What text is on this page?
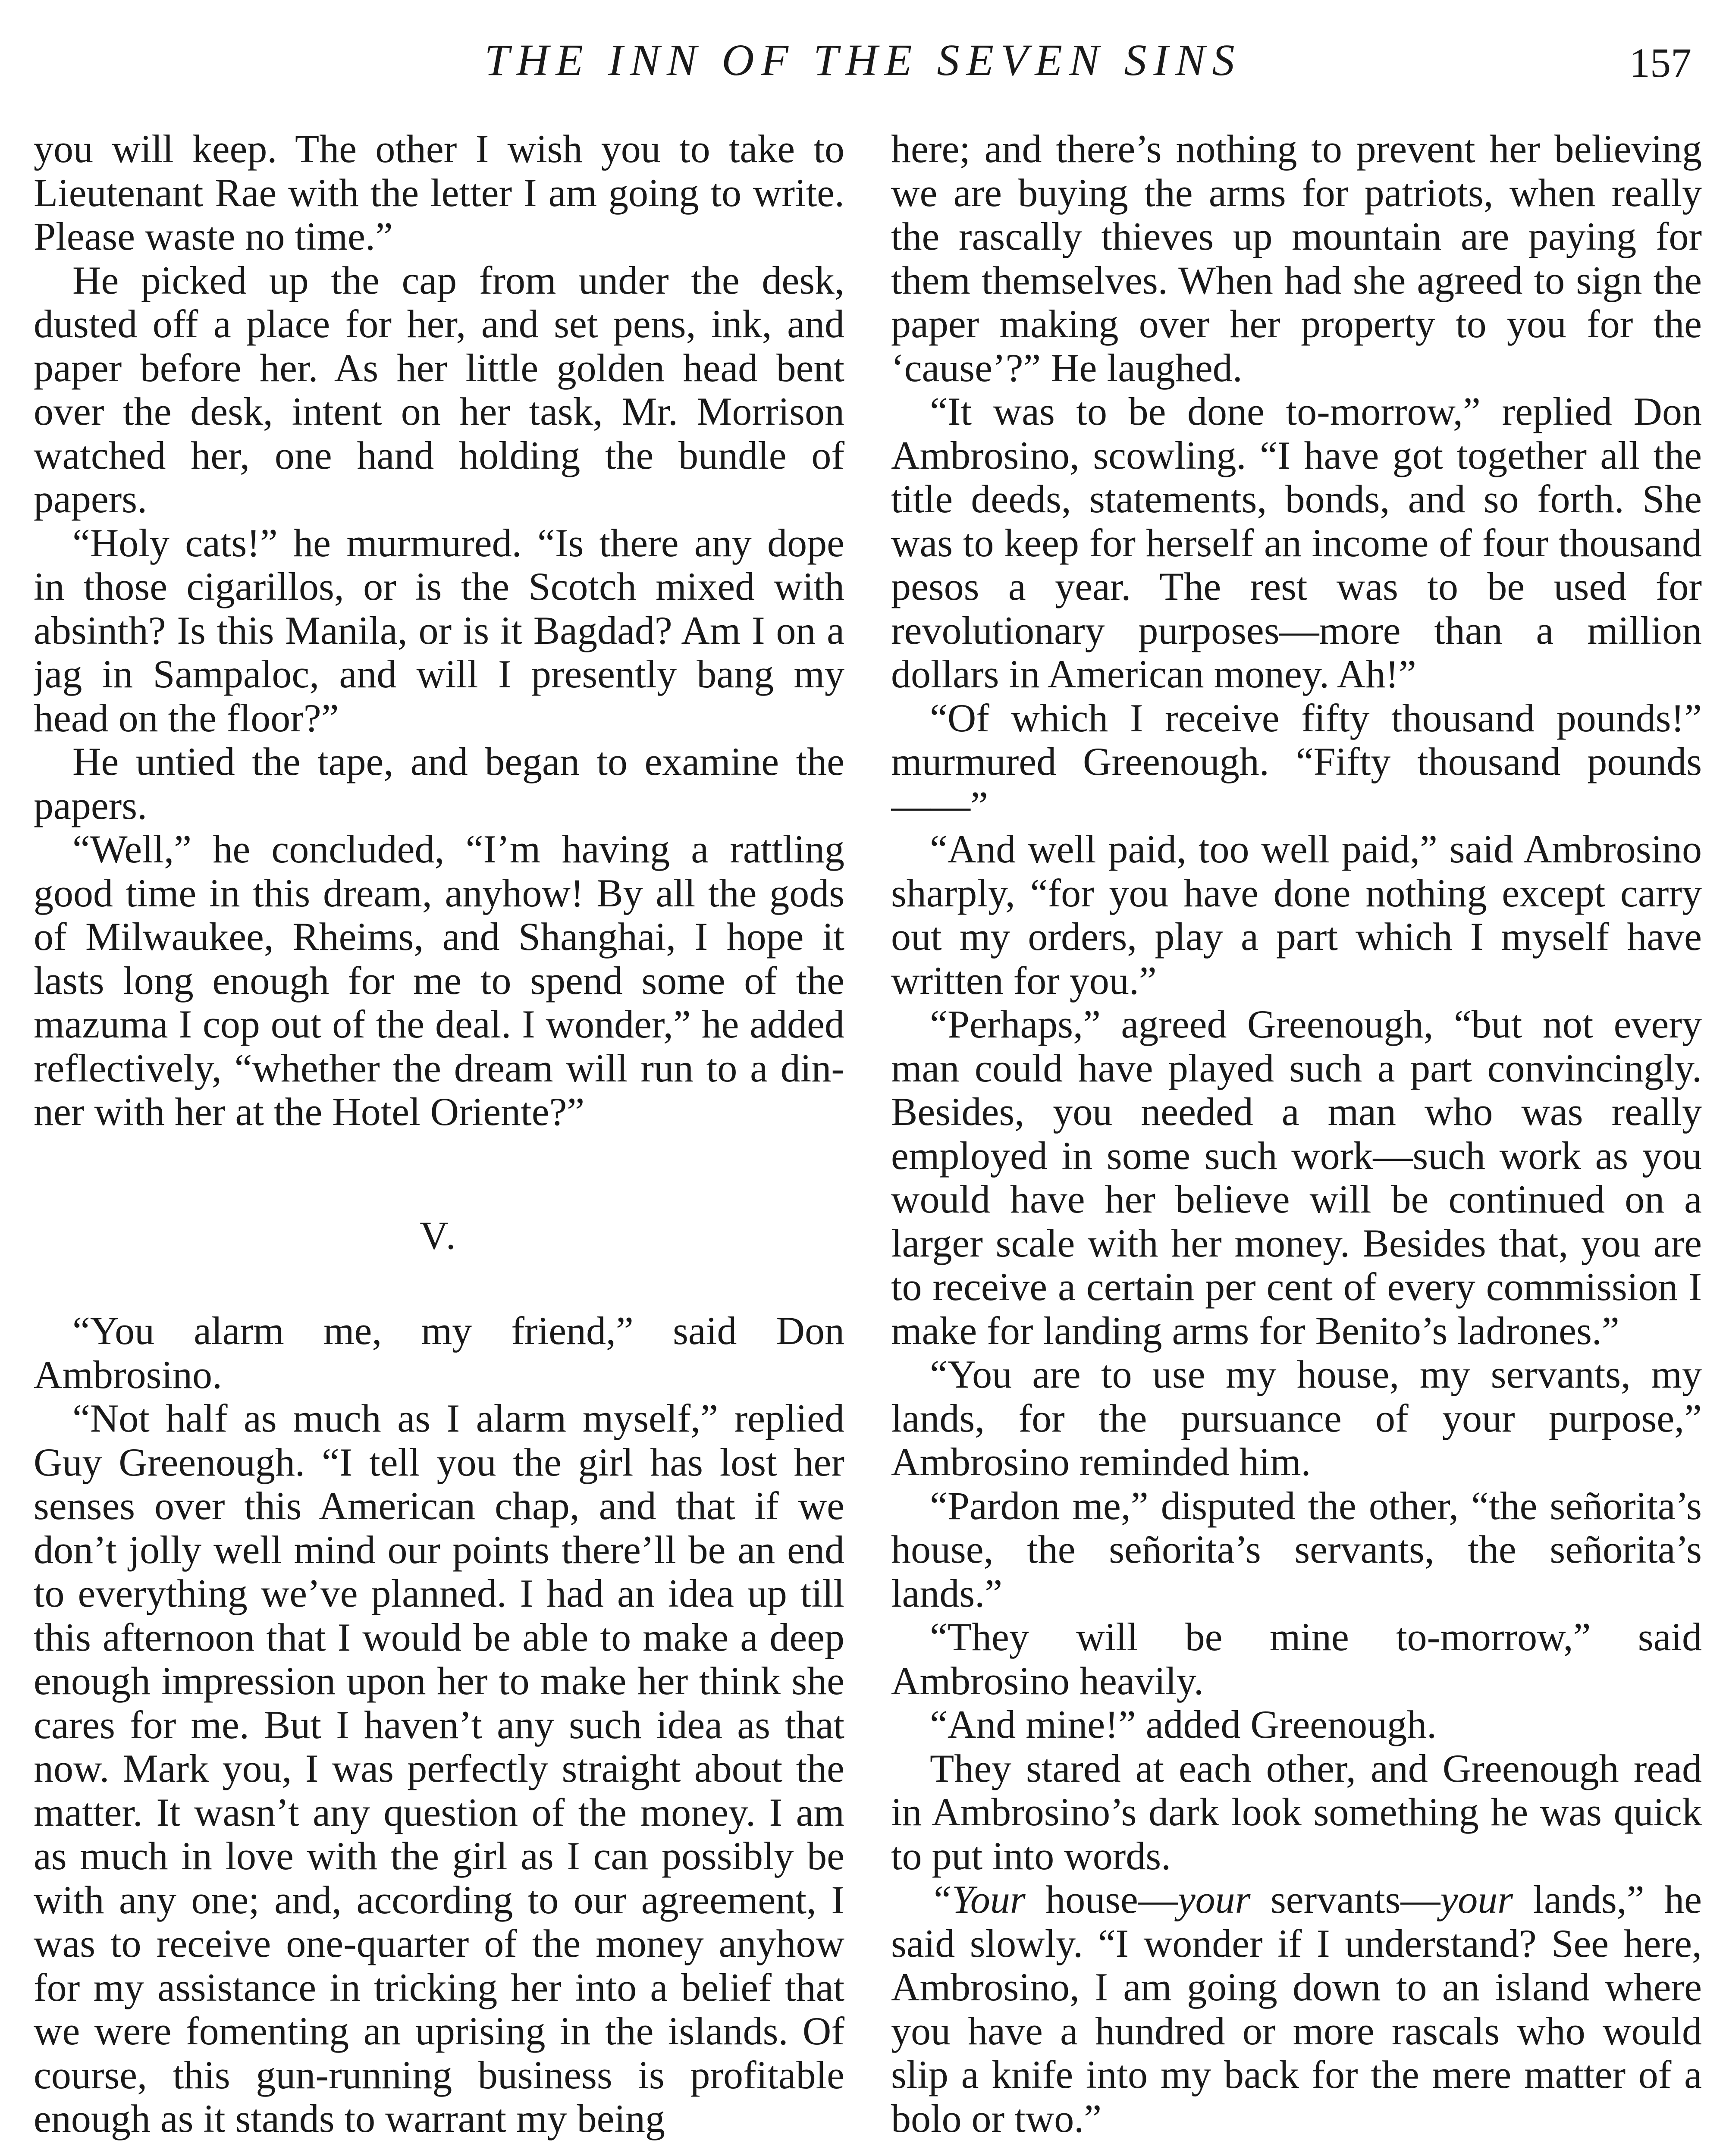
THE INN OF THE SEVEN SINS	157

you will keep. The other I wish you to take to Lieutenant Rae with the letter I am going to write. Please waste no time.”

He picked up the cap from under the desk, dusted off a place for her, and set pens, ink, and paper before her. As her little golden head bent over the desk, intent on her task, Mr. Morrison watched her, one hand holding the bundle of papers.

“Holy cats!” he murmured. “Is there any dope in those cigarillos, or is the Scotch mixed with absinth? Is this Manila, or is it Bagdad? Am I on a jag in Sampaloc, and will I presently bang my head on the floor?”

He untied the tape, and began to examine the papers.

“Well,” he concluded, “I’m having a rattling good time in this dream, anyhow! By all the gods of Milwaukee, Rheims, and Shanghai, I hope it lasts long enough for me to spend some of the mazuma I cop out of the deal. I wonder,” he added reflectively, “whether the dream will run to a dinner with her at the Hotel Oriente?”

V.

“You alarm me, my friend,” said Don Ambrosino.

“Not half as much as I alarm myself,” replied Guy Greenough. “I tell you the girl has lost her senses over this American chap, and that if we don’t jolly well mind our points there’ll be an end to everything we’ve planned. I had an idea up till this afternoon that I would be able to make a deep enough impression upon her to make her think she cares for me. But I haven’t any such idea as that now. Mark you, I was perfectly straight about the matter. It wasn’t any question of the money. I am as much in love with the girl as I can possibly be with any one; and, according to our agreement, I was to receive one-quarter of the money anyhow for my assistance in tricking her into a belief that we were fomenting an uprising in the islands. Of course, this gun-running business is profitable enough as it stands to warrant my being

here; and there’s nothing to prevent her believing we are buying the arms for patriots, when really the rascally thieves up mountain are paying for them themselves. When had she agreed to sign the paper making over her property to you for the ‘cause’?” He laughed.

“It was to be done to-morrow,” replied Don Ambrosino, scowling. “I have got together all the title deeds, statements, bonds, and so forth. She was to keep for herself an income of four thousand pesos a year. The rest was to be used for revolutionary purposes—more than a million dollars in American money. Ah!”

“Of which I receive fifty thousand pounds!” murmured Greenough. “Fifty thousand pounds——”

“And well paid, too well paid,” said Ambrosino sharply, “for you have done nothing except carry out my orders, play a part which I myself have written for you.”

“Perhaps,” agreed Greenough, “but not every man could have played such a part convincingly. Besides, you needed a man who was really employed in some such work—such work as you would have her believe will be continued on a larger scale with her money. Besides that, you are to receive a certain per cent of every commission I make for landing arms for Benito’s ladrones.”

“You are to use my house, my servants, my lands, for the pursuance of your purpose,” Ambrosino reminded him.

“Pardon me,” disputed the other, “the señorita’s house, the señorita’s servants, the señorita’s lands.”

“They will be mine to-morrow,” said Ambrosino heavily.

“And mine!” added Greenough.

They stared at each other, and Greenough read in Ambrosino’s dark look something he was quick to put into words.

“Your house—your servants—your lands,” he said slowly. “I wonder if I understand? See here, Ambrosino, I am going down to an island where you have a hundred or more rascals who would slip a knife into my back for the mere matter of a bolo or two.”
